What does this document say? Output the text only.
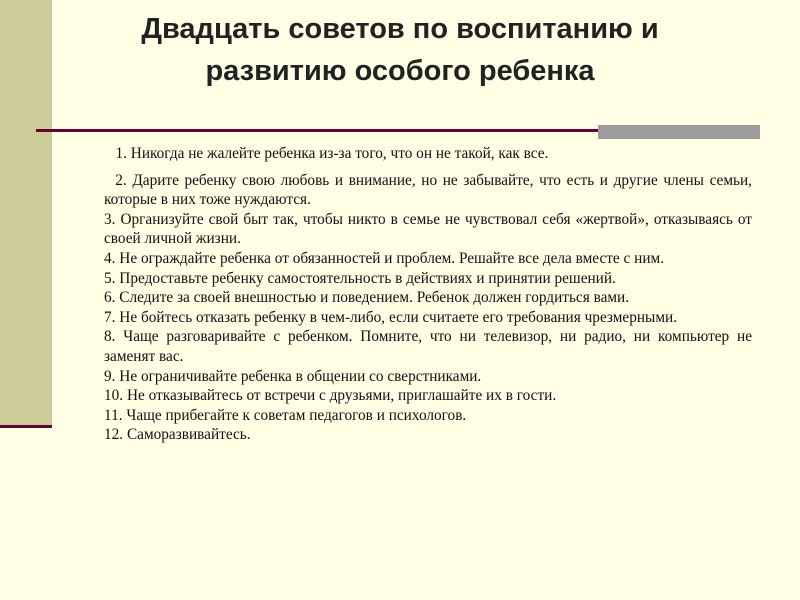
Двадцать советов по воспитанию и
развитию особого ребенка

1. Никогда не жалейте ребенка из-за того, что он не такой, как все.

2. Дарите ребенку свою любовь и внимание, но не забывайте, что есть и другие члены семьи, которые в них тоже нуждаются.

3. Организуйте свой быт так, чтобы никто в семье не чувствовал себя «жертвой», отказываясь от своей личной жизни.

4. Не ограждайте ребенка от обязанностей и проблем. Решайте все дела вместе с ним.

5. Предоставьте ребенку самостоятельность в действиях и принятии решений.

6. Следите за своей внешностью и поведением. Ребенок должен гордиться вами.

7. Не бойтесь отказать ребенку в чем-либо, если считаете его требования чрезмерными.

8. Чаще разговаривайте с ребенком. Помните, что ни телевизор, ни радио, ни компьютер не заменят вас.

9. Не ограничивайте ребенка в общении со сверстниками.

10. Не отказывайтесь от встречи с друзьями, приглашайте их в гости.

11. Чаще прибегайте к советам педагогов и психологов.

12. Саморазвивайтесь.
